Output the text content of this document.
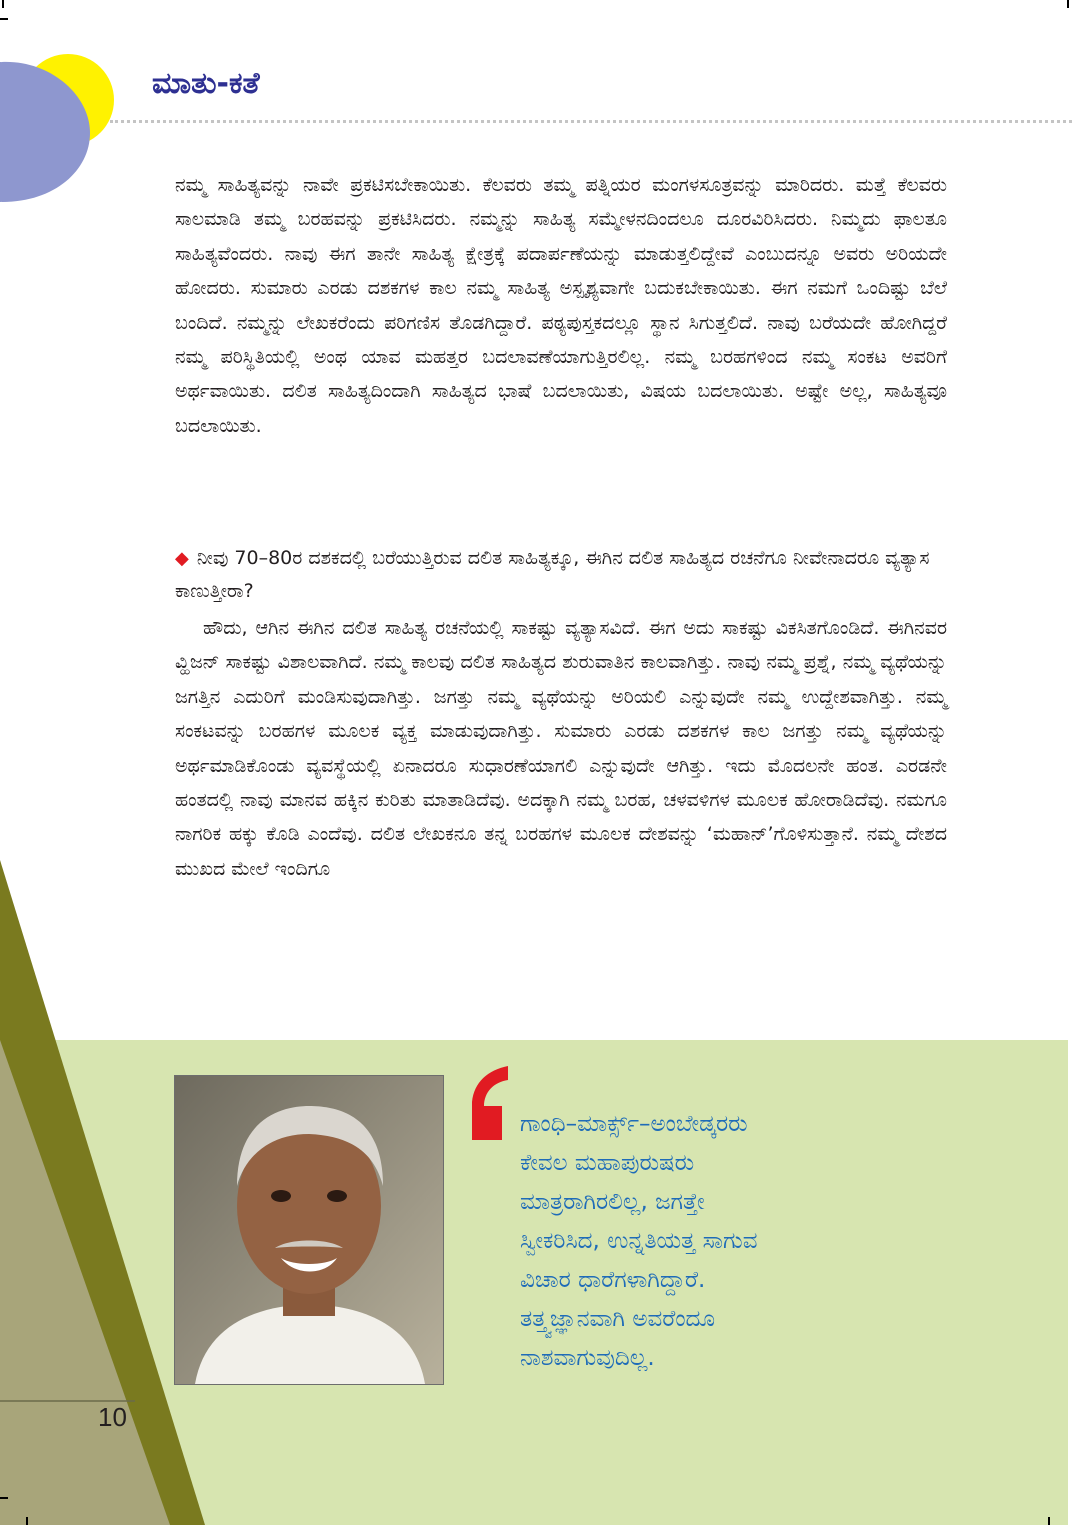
ಮಾತು-ಕತೆ
ನಮ್ಮ ಸಾಹಿತ್ಯವನ್ನು ನಾವೇ ಪ್ರಕಟಿಸಬೇಕಾಯಿತು. ಕೆಲವರು ತಮ್ಮ ಪತ್ನಿಯರ ಮಂಗಳಸೂತ್ರವನ್ನು ಮಾರಿದರು. ಮತ್ತೆ ಕೆಲವರು ಸಾಲಮಾಡಿ ತಮ್ಮ ಬರಹವನ್ನು ಪ್ರಕಟಿಸಿದರು. ನಮ್ಮನ್ನು ಸಾಹಿತ್ಯ ಸಮ್ಮೇಳನದಿಂದಲೂ ದೂರವಿರಿಸಿದರು. ನಿಮ್ಮದು ಫಾಲತೂ ಸಾಹಿತ್ಯವೆಂದರು. ನಾವು ಈಗ ತಾನೇ ಸಾಹಿತ್ಯ ಕ್ಷೇತ್ರಕ್ಕೆ ಪದಾರ್ಪಣೆಯನ್ನು ಮಾಡುತ್ತಲಿದ್ದೇವೆ ಎಂಬುದನ್ನೂ ಅವರು ಅರಿಯದೇ ಹೋದರು. ಸುಮಾರು ಎರಡು ದಶಕಗಳ ಕಾಲ ನಮ್ಮ ಸಾಹಿತ್ಯ ಅಸ್ಪೃಶ್ಯವಾಗೇ ಬದುಕಬೇಕಾಯಿತು. ಈಗ ನಮಗೆ ಒಂದಿಷ್ಟು ಬೆಲೆ ಬಂದಿದೆ. ನಮ್ಮನ್ನು ಲೇಖಕರೆಂದು ಪರಿಗಣಿಸ ತೊಡಗಿದ್ದಾರೆ. ಪಠ್ಯಪುಸ್ತಕದಲ್ಲೂ ಸ್ಥಾನ ಸಿಗುತ್ತಲಿದೆ. ನಾವು ಬರೆಯದೇ ಹೋಗಿದ್ದರೆ ನಮ್ಮ ಪರಿಸ್ಥಿತಿಯಲ್ಲಿ ಅಂಥ ಯಾವ ಮಹತ್ತರ ಬದಲಾವಣೆಯಾಗುತ್ತಿರಲಿಲ್ಲ. ನಮ್ಮ ಬರಹಗಳಿಂದ ನಮ್ಮ ಸಂಕಟ ಅವರಿಗೆ ಅರ್ಥವಾಯಿತು. ದಲಿತ ಸಾಹಿತ್ಯದಿಂದಾಗಿ ಸಾಹಿತ್ಯದ ಭಾಷೆ ಬದಲಾಯಿತು, ವಿಷಯ ಬದಲಾಯಿತು. ಅಷ್ಟೇ ಅಲ್ಲ, ಸಾಹಿತ್ಯವೂ ಬದಲಾಯಿತು.
◆ ನೀವು 70–80ರ ದಶಕದಲ್ಲಿ ಬರೆಯುತ್ತಿರುವ ದಲಿತ ಸಾಹಿತ್ಯಕ್ಕೂ, ಈಗಿನ ದಲಿತ ಸಾಹಿತ್ಯದ ರಚನೆಗೂ ನೀವೇನಾದರೂ ವ್ಯತ್ಯಾಸ ಕಾಣುತ್ತೀರಾ?
ಹೌದು, ಆಗಿನ ಈಗಿನ ದಲಿತ ಸಾಹಿತ್ಯ ರಚನೆಯಲ್ಲಿ ಸಾಕಷ್ಟು ವ್ಯತ್ಯಾಸವಿದೆ. ಈಗ ಅದು ಸಾಕಷ್ಟು ವಿಕಸಿತಗೊಂಡಿದೆ. ಈಗಿನವರ ವ್ಹಿಜನ್ ಸಾಕಷ್ಟು ವಿಶಾಲವಾಗಿದೆ. ನಮ್ಮ ಕಾಲವು ದಲಿತ ಸಾಹಿತ್ಯದ ಶುರುವಾತಿನ ಕಾಲವಾಗಿತ್ತು. ನಾವು ನಮ್ಮ ಪ್ರಶ್ನೆ, ನಮ್ಮ ವ್ಯಥೆಯನ್ನು ಜಗತ್ತಿನ ಎದುರಿಗೆ ಮಂಡಿಸುವುದಾಗಿತ್ತು. ಜಗತ್ತು ನಮ್ಮ ವ್ಯಥೆಯನ್ನು ಅರಿಯಲಿ ಎನ್ನುವುದೇ ನಮ್ಮ ಉದ್ದೇಶವಾಗಿತ್ತು. ನಮ್ಮ ಸಂಕಟವನ್ನು ಬರಹಗಳ ಮೂಲಕ ವ್ಯಕ್ತ ಮಾಡುವುದಾಗಿತ್ತು. ಸುಮಾರು ಎರಡು ದಶಕಗಳ ಕಾಲ ಜಗತ್ತು ನಮ್ಮ ವ್ಯಥೆಯನ್ನು ಅರ್ಥಮಾಡಿಕೊಂಡು ವ್ಯವಸ್ಥೆಯಲ್ಲಿ ಏನಾದರೂ ಸುಧಾರಣೆಯಾಗಲಿ ಎನ್ನುವುದೇ ಆಗಿತ್ತು. ಇದು ಮೊದಲನೇ ಹಂತ. ಎರಡನೇ ಹಂತದಲ್ಲಿ ನಾವು ಮಾನವ ಹಕ್ಕಿನ ಕುರಿತು ಮಾತಾಡಿದೆವು. ಅದಕ್ಕಾಗಿ ನಮ್ಮ ಬರಹ, ಚಳವಳಿಗಳ ಮೂಲಕ ಹೋರಾಡಿದೆವು. ನಮಗೂ ನಾಗರಿಕ ಹಕ್ಕು ಕೊಡಿ ಎಂದೆವು. ದಲಿತ ಲೇಖಕನೂ ತನ್ನ ಬರಹಗಳ ಮೂಲಕ ದೇಶವನ್ನು ‘ಮಹಾನ್’ಗೊಳಿಸುತ್ತಾನೆ. ನಮ್ಮ ದೇಶದ ಮುಖದ ಮೇಲೆ ಇಂದಿಗೂ
ಗಾಂಧಿ–ಮಾರ್ಕ್ಸ್–ಅಂಬೇಡ್ಕರರು
ಕೇವಲ ಮಹಾಪುರುಷರು
ಮಾತ್ರರಾಗಿರಲಿಲ್ಲ, ಜಗತ್ತೇ
ಸ್ವೀಕರಿಸಿದ, ಉನ್ನತಿಯತ್ತ ಸಾಗುವ
ವಿಚಾರ ಧಾರೆಗಳಾಗಿದ್ದಾರೆ.
ತತ್ತ್ವಜ್ಞಾನವಾಗಿ ಅವರೆಂದೂ
ನಾಶವಾಗುವುದಿಲ್ಲ.
10
